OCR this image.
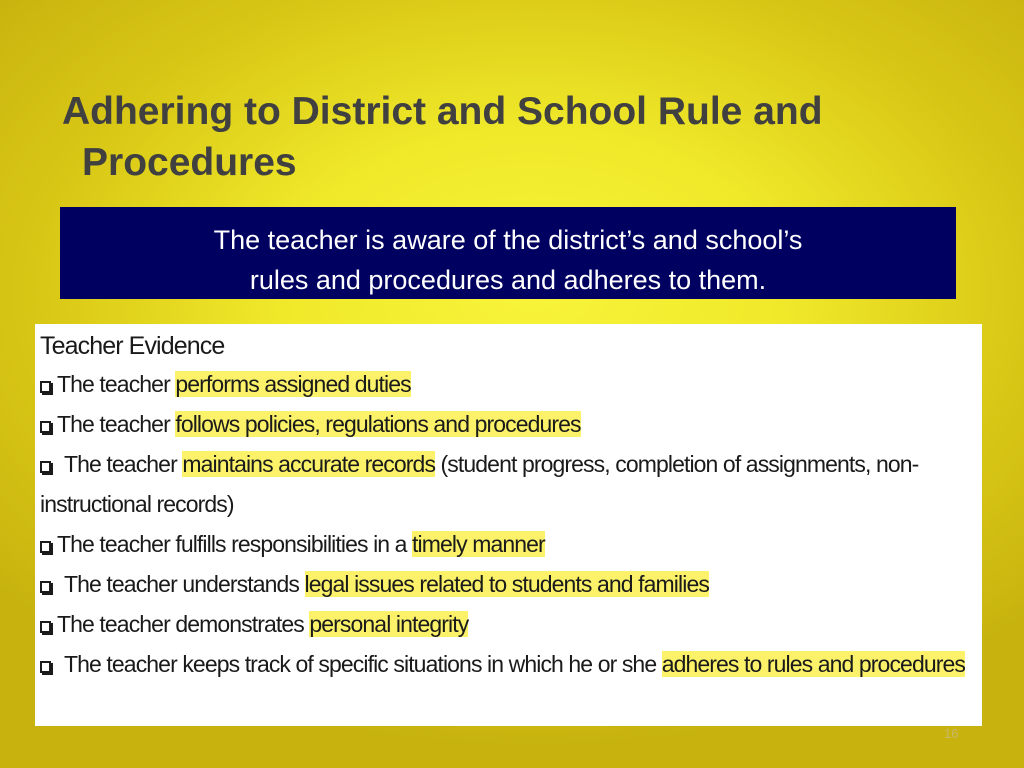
Adhering to District and School Rule and
Procedures
The teacher is aware of the district’s and school’s
rules and procedures and adheres to them.
Teacher Evidence
The teacher performs assigned duties
The teacher follows policies, regulations and procedures
The teacher maintains accurate records (student progress, completion of assignments, non-instructional records)
The teacher fulfills responsibilities in a timely manner
The teacher understands legal issues related to students and families
The teacher demonstrates personal integrity
The teacher keeps track of specific situations in which he or she adheres to rules and procedures
16
